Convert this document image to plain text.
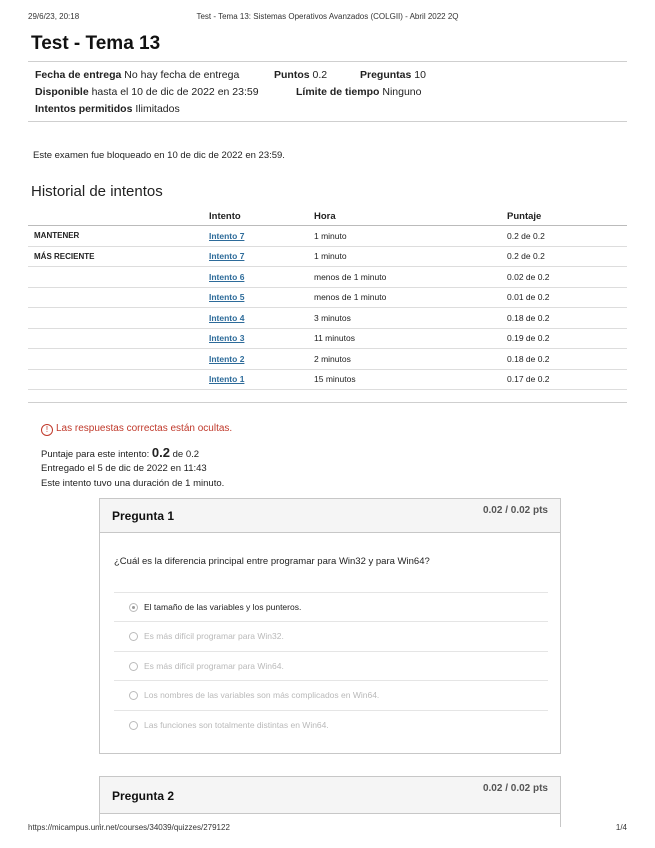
29/6/23, 20:18	Test - Tema 13: Sistemas Operativos Avanzados (COLGII) - Abril 2022 2Q
Test - Tema 13
Fecha de entrega No hay fecha de entrega	Puntos 0.2	Preguntas 10
Disponible hasta el 10 de dic de 2022 en 23:59	Límite de tiempo Ninguno
Intentos permitidos Ilimitados
Este examen fue bloqueado en 10 de dic de 2022 en 23:59.
Historial de intentos
	Intento	Hora	Puntaje
MANTENER	Intento 7	1 minuto	0.2 de 0.2
MÁS RECIENTE	Intento 7	1 minuto	0.2 de 0.2
	Intento 6	menos de 1 minuto	0.02 de 0.2
	Intento 5	menos de 1 minuto	0.01 de 0.2
	Intento 4	3 minutos	0.18 de 0.2
	Intento 3	11 minutos	0.19 de 0.2
	Intento 2	2 minutos	0.18 de 0.2
	Intento 1	15 minutos	0.17 de 0.2
! Las respuestas correctas están ocultas.
Puntaje para este intento: 0.2 de 0.2
Entregado el 5 de dic de 2022 en 11:43
Este intento tuvo una duración de 1 minuto.
Pregunta 1	0.02 / 0.02 pts
¿Cuál es la diferencia principal entre programar para Win32 y para Win64?
El tamaño de las variables y los punteros.
Es más difícil programar para Win32.
Es más difícil programar para Win64.
Los nombres de las variables son más complicados en Win64.
Las funciones son totalmente distintas en Win64.
Pregunta 2
0.02 / 0.02 pts
https://micampus.unir.net/courses/34039/quizzes/279122	1/4
